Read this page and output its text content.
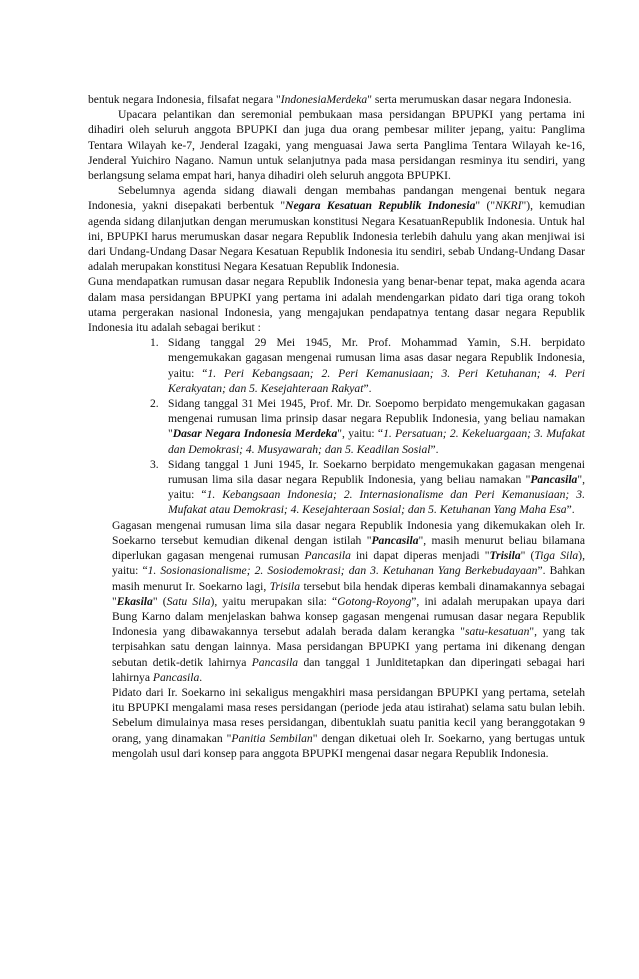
bentuk negara Indonesia, filsafat negara "IndonesiaMerdeka" serta merumuskan dasar negara Indonesia.

Upacara pelantikan dan seremonial pembukaan masa persidangan BPUPKI yang pertama ini dihadiri oleh seluruh anggota BPUPKI dan juga dua orang pembesar militer jepang, yaitu: Panglima Tentara Wilayah ke-7, Jenderal Izagaki, yang menguasai Jawa serta Panglima Tentara Wilayah ke-16, Jenderal Yuichiro Nagano. Namun untuk selanjutnya pada masa persidangan resminya itu sendiri, yang berlangsung selama empat hari, hanya dihadiri oleh seluruh anggota BPUPKI.

Sebelumnya agenda sidang diawali dengan membahas pandangan mengenai bentuk negara Indonesia, yakni disepakati berbentuk "Negara Kesatuan Republik Indonesia" ("NKRI"), kemudian agenda sidang dilanjutkan dengan merumuskan konstitusi Negara KesatuanRepublik Indonesia. Untuk hal ini, BPUPKI harus merumuskan dasar negara Republik Indonesia terlebih dahulu yang akan menjiwai isi dari Undang-Undang Dasar Negara Kesatuan Republik Indonesia itu sendiri, sebab Undang-Undang Dasar adalah merupakan konstitusi Negara Kesatuan Republik Indonesia.

Guna mendapatkan rumusan dasar negara Republik Indonesia yang benar-benar tepat, maka agenda acara dalam masa persidangan BPUPKI yang pertama ini adalah mendengarkan pidato dari tiga orang tokoh utama pergerakan nasional Indonesia, yang mengajukan pendapatnya tentang dasar negara Republik Indonesia itu adalah sebagai berikut :

1. Sidang tanggal 29 Mei 1945, Mr. Prof. Mohammad Yamin, S.H. berpidato mengemukakan gagasan mengenai rumusan lima asas dasar negara Republik Indonesia, yaitu: “1. Peri Kebangsaan; 2. Peri Kemanusiaan; 3. Peri Ketuhanan; 4. Peri Kerakyatan; dan 5. Kesejahteraan Rakyat”.
2. Sidang tanggal 31 Mei 1945, Prof. Mr. Dr. Soepomo berpidato mengemukakan gagasan mengenai rumusan lima prinsip dasar negara Republik Indonesia, yang beliau namakan "Dasar Negara Indonesia Merdeka", yaitu: “1. Persatuan; 2. Kekeluargaan; 3. Mufakat dan Demokrasi; 4. Musyawarah; dan 5. Keadilan Sosial”.
3. Sidang tanggal 1 Juni 1945, Ir. Soekarno berpidato mengemukakan gagasan mengenai rumusan lima sila dasar negara Republik Indonesia, yang beliau namakan "Pancasila", yaitu: “1. Kebangsaan Indonesia; 2. Internasionalisme dan Peri Kemanusiaan; 3. Mufakat atau Demokrasi; 4. Kesejahteraan Sosial; dan 5. Ketuhanan Yang Maha Esa”.

Gagasan mengenai rumusan lima sila dasar negara Republik Indonesia yang dikemukakan oleh Ir. Soekarno tersebut kemudian dikenal dengan istilah "Pancasila", masih menurut beliau bilamana diperlukan gagasan mengenai rumusan Pancasila ini dapat diperas menjadi "Trisila" (Tiga Sila), yaitu: “1. Sosionasionalisme; 2. Sosiodemokrasi; dan 3. Ketuhanan Yang Berkebudayaan”. Bahkan masih menurut Ir. Soekarno lagi, Trisila tersebut bila hendak diperas kembali dinamakannya sebagai "Ekasila" (Satu Sila), yaitu merupakan sila: “Gotong-Royong”, ini adalah merupakan upaya dari Bung Karno dalam menjelaskan bahwa konsep gagasan mengenai rumusan dasar negara Republik Indonesia yang dibawakannya tersebut adalah berada dalam kerangka "satu-kesatuan", yang tak terpisahkan satu dengan lainnya. Masa persidangan BPUPKI yang pertama ini dikenang dengan sebutan detik-detik lahirnya Pancasila dan tanggal 1 Junlditetapkan dan diperingati sebagai hari lahirnya Pancasila.

Pidato dari Ir. Soekarno ini sekaligus mengakhiri masa persidangan BPUPKI yang pertama, setelah itu BPUPKI mengalami masa reses persidangan (periode jeda atau istirahat) selama satu bulan lebih. Sebelum dimulainya masa reses persidangan, dibentuklah suatu panitia kecil yang beranggotakan 9 orang, yang dinamakan "Panitia Sembilan" dengan diketuai oleh Ir. Soekarno, yang bertugas untuk mengolah usul dari konsep para anggota BPUPKI mengenai dasar negara Republik Indonesia.
